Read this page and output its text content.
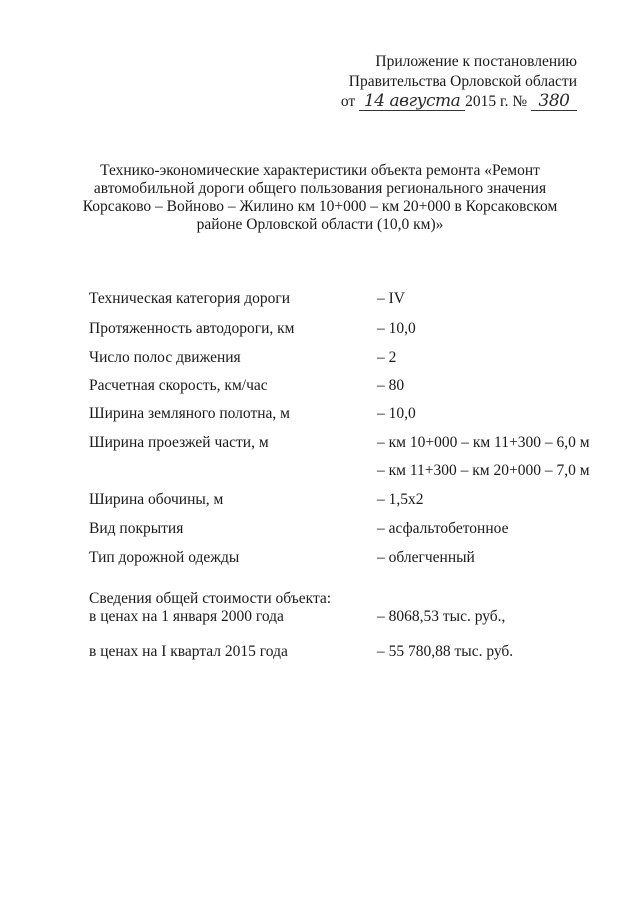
Приложение к постановлению
Правительства Орловской области
от 14 августа 2015 г. № 380
Технико-экономические характеристики объекта ремонта «Ремонт автомобильной дороги общего пользования регионального значения Корсаково – Войново – Жилино км 10+000 – км 20+000 в Корсаковском районе Орловской области (10,0 км)»
Техническая категория дороги	– IV
Протяженность автодороги, км	– 10,0
Число полос движения	– 2
Расчетная скорость, км/час	– 80
Ширина земляного полотна, м	– 10,0
Ширина проезжей части, м	– км 10+000 – км 11+300 – 6,0 м
– км 11+300 – км 20+000 – 7,0 м
Ширина обочины, м	– 1,5х2
Вид покрытия	– асфальтобетонное
Тип дорожной одежды	– облегченный
Сведения общей стоимости объекта:
в ценах на 1 января 2000 года	– 8068,53 тыс. руб.,
в ценах на I квартал 2015 года	– 55 780,88 тыс. руб.
